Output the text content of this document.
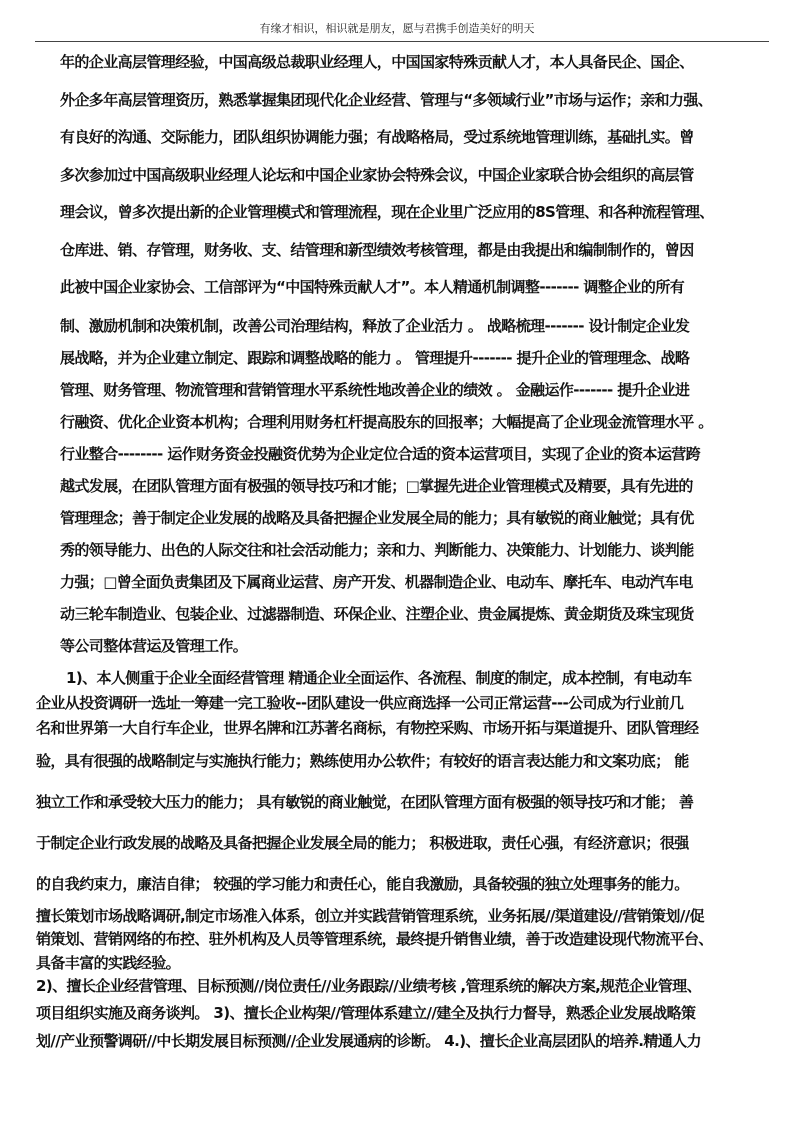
有缘才相识，相识就是朋友，愿与君携手创造美好的明天
年的企业高层管理经验，中国高级总裁职业经理人，中国国家特殊贡献人才，本人具备民企、国企、
外企多年高层管理资历，熟悉掌握集团现代化企业经营、管理与“多领域行业”市场与运作；亲和力强、
有良好的沟通、交际能力，团队组织协调能力强；有战略格局，受过系统地管理训练，基础扎实。曾
多次参加过中国高级职业经理人论坛和中国企业家协会特殊会议，中国企业家联合协会组织的高层管
理会议，曾多次提出新的企业管理模式和管理流程，现在企业里广泛应用的8S管理、和各种流程管理、
仓库进、销、存管理，财务收、支、结管理和新型绩效考核管理，都是由我提出和编制制作的，曾因
此被中国企业家协会、工信部评为“中国特殊贡献人才”。本人精通机制调整------- 调整企业的所有
制、激励机制和决策机制，改善公司治理结构，释放了企业活力 。 战略梳理------- 设计制定企业发
展战略，并为企业建立制定、跟踪和调整战略的能力 。 管理提升------- 提升企业的管理理念、战略
管理、财务管理、物流管理和营销管理水平系统性地改善企业的绩效 。 金融运作------- 提升企业进
行融资、优化企业资本机构；合理利用财务杠杆提高股东的回报率；大幅提高了企业现金流管理水平 。
行业整合-------- 运作财务资金投融资优势为企业定位合适的资本运营项目，实现了企业的资本运营跨
越式发展，在团队管理方面有极强的领导技巧和才能；□掌握先进企业管理模式及精要，具有先进的
管理理念；善于制定企业发展的战略及具备把握企业发展全局的能力；具有敏锐的商业触觉；具有优
秀的领导能力、出色的人际交往和社会活动能力；亲和力、判断能力、决策能力、计划能力、谈判能
力强；□曾全面负责集团及下属商业运营、房产开发、机器制造企业、电动车、摩托车、电动汽车电
动三轮车制造业、包装企业、过滤器制造、环保企业、注塑企业、贵金属提炼、黄金期货及珠宝现货
等公司整体营运及管理工作。
1)、本人侧重于企业全面经营管理 精通企业全面运作、各流程、制度的制定，成本控制，有电动车
企业从投资调研一选址一筹建一完工验收--团队建设一供应商选择一公司正常运营---公司成为行业前几
名和世界第一大自行车企业，世界名牌和江苏著名商标，有物控采购、市场开拓与渠道提升、团队管理经
验，具有很强的战略制定与实施执行能力；熟练使用办公软件；有较好的语言表达能力和文案功底； 能
独立工作和承受较大压力的能力； 具有敏锐的商业触觉，在团队管理方面有极强的领导技巧和才能； 善
于制定企业行政发展的战略及具备把握企业发展全局的能力； 积极进取，责任心强，有经济意识；很强
的自我约束力，廉洁自律； 较强的学习能力和责任心，能自我激励，具备较强的独立处理事务的能力。
擅长策划市场战略调研,制定市场准入体系，创立并实践营销管理系统，业务拓展//渠道建设//营销策划//促
销策划、营销网络的布控、驻外机构及人员等管理系统，最终提升销售业绩，善于改造建设现代物流平台、
具备丰富的实践经验。
2)、擅长企业经营管理、目标预测//岗位责任//业务跟踪//业绩考核 ,管理系统的解决方案,规范企业管理、
项目组织实施及商务谈判。 3)、擅长企业构架//管理体系建立//建全及执行力督导，熟悉企业发展战略策
划//产业预警调研//中长期发展目标预测//企业发展通病的诊断。 4.)、擅长企业高层团队的培养.精通人力
